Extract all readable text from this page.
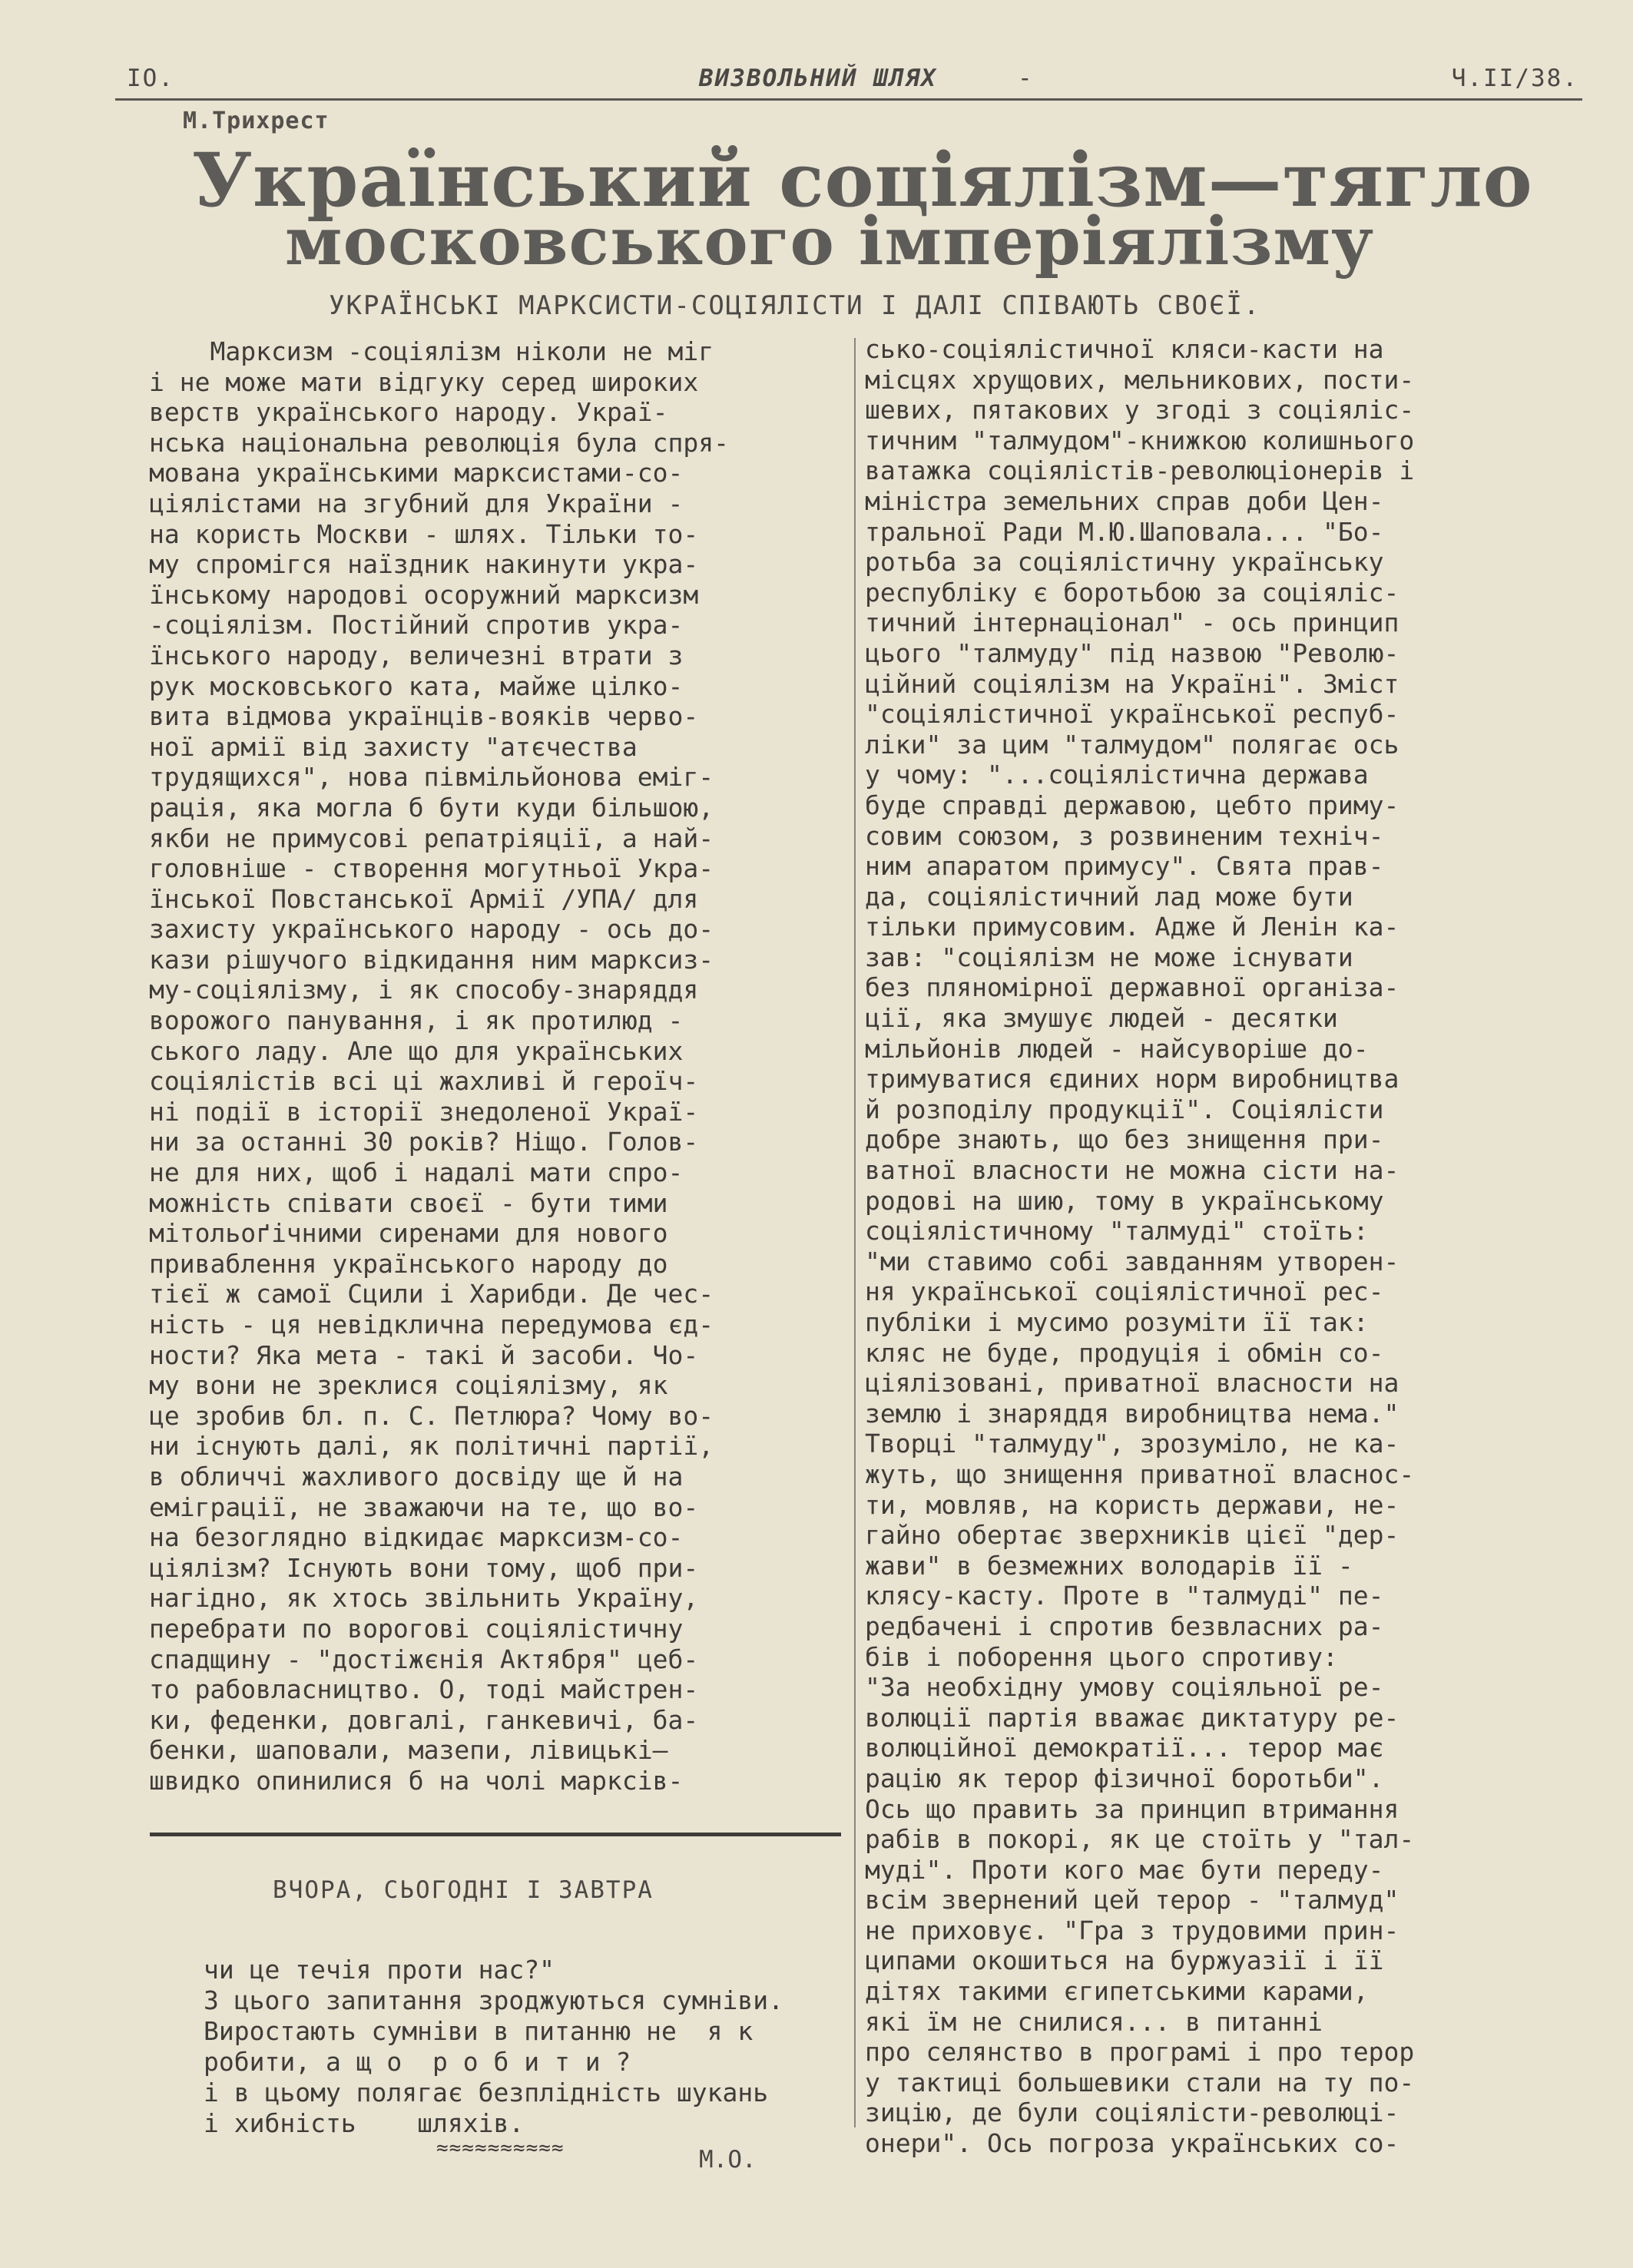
IO.	ВИЗВОЛЬНИЙ ШЛЯХ	-	Ч.II/38.
М.Трихрест
Український соціялізм—тягло
московського імперіялізму
УКРАЇНСЬКІ МАРКСИСТИ-СОЦІЯЛІСТИ І ДАЛІ СПІВАЮТЬ СВОЄЇ.
Марксизм -соціялізм ніколи не міг
і не може мати відгуку серед широких
верств українського народу. Украї-
нська національна революція була спря-
мована українськими марксистами-со-
ціялістами на згубний для України -
на користь Москви - шлях. Тільки то-
му спромігся наїздник накинути укра-
їнському народові осоружний марксизм
-соціялізм. Постійний спротив укра-
їнського народу, величезні втрати з
рук московського ката, майже цілко-
вита відмова українців-вояків черво-
ної армії від захисту "атєчества
трудящихся", нова півмільйонова еміг-
рація, яка могла б бути куди більшою,
якби не примусові репатріяції, а най-
головніше - створення могутньої Укра-
їнської Повстанської Армії /УПА/ для
захисту українського народу - ось до-
кази рішучого відкидання ним марксиз-
му-соціялізму, і як способу-знаряддя
ворожого панування, і як протилюд -
ського ладу. Але що для українських
соціялістів всі ці жахливі й героїч-
ні події в історії знедоленої Украї-
ни за останні 30 років? Ніщо. Голов-
не для них, щоб і надалі мати спро-
можність співати своєї - бути тими
мітольоґічними сиренами для нового
приваблення українського народу до
тієї ж самої Сцили і Харибди. Де чес-
ність - ця невідклична передумова єд-
ности? Яка мета - такі й засоби. Чо-
му вони не зреклися соціялізму, як
це зробив бл. п. С. Петлюра? Чому во-
ни існують далі, як політичні партії,
в обличчі жахливого досвіду ще й на
еміграції, не зважаючи на те, що во-
на безоглядно відкидає марксизм-со-
ціялізм? Існують вони тому, щоб при-
нагідно, як хтось звільнить Україну,
перебрати по ворогові соціялістичну
спадщину - "достіжєнія Актября" цеб-
то рабовласництво. О, тоді майстрен-
ки, феденки, довгалі, ганкевичі, ба-
бенки, шаповали, мазепи, лівицькі—
швидко опинилися б на чолі марксів-
сько-соціялістичної кляси-касти на
місцях хрущових, мельникових, пости-
шевих, пятакових у згоді з соціяліс-
тичним "талмудом"-книжкою колишнього
ватажка соціялістів-революціонерів і
міністра земельних справ доби Цен-
тральної Ради М.Ю.Шаповала... "Бо-
ротьба за соціялістичну українську
республіку є боротьбою за соціяліс-
тичний інтернаціонал" - ось принцип
цього "талмуду" під назвою "Револю-
ційний соціялізм на Україні". Зміст
"соціялістичної української респуб-
ліки" за цим "талмудом" полягає ось
у чому: "...соціялістична держава
буде справді державою, цебто приму-
совим союзом, з розвиненим техніч-
ним апаратом примусу". Свята прав-
да, соціялістичний лад може бути
тільки примусовим. Адже й Ленін ка-
зав: "соціялізм не може існувати
без пляномірної державної організа-
ції, яка змушує людей - десятки
мільйонів людей - найсуворіше до-
тримуватися єдиних норм виробництва
й розподілу продукції". Соціялісти
добре знають, що без знищення при-
ватної власности не можна сісти на-
родові на шию, тому в українському
соціялістичному "талмуді" стоїть:
"ми ставимо собі завданням утворен-
ня української соціялістичної рес-
публіки і мусимо розуміти її так:
кляс не буде, продуція і обмін со-
ціялізовані, приватної власности на
землю і знаряддя виробництва нема."
Творці "талмуду", зрозуміло, не ка-
жуть, що знищення приватної власнос-
ти, мовляв, на користь держави, не-
гайно обертає зверхників цієї "дер-
жави" в безмежних володарів її -
клясу-касту. Проте в "талмуді" пе-
редбачені і спротив безвласних ра-
бів і поборення цього спротиву:
"За необхідну умову соціяльної ре-
волюції партія вважає диктатуру ре-
волюційної демократії... терор має
рацію як терор фізичної боротьби".
Ось що править за принцип втримання
рабів в покорі, як це стоїть у "тал-
муді". Проти кого має бути переду-
всім звернений цей терор - "талмуд"
не приховує. "Гра з трудовими прин-
ципами окошиться на буржуазії і її
дітях такими єгипетськими карами,
які їм не снилися... в питанні
про селянство в програмі і про терор
у тактиці большевики стали на ту по-
зицію, де були соціялісти-революці-
онери". Ось погроза українських со-
ВЧОРА, СЬОГОДНІ І ЗАВТРА
чи це течія проти нас?"
З цього запитання зроджуються сумніви.
Виростають сумніви в питанню не  я к
робити, а щ о  р о б и т и ?
і в цьому полягає безплідність шукань
і хибність    шляхів.
≈≈≈≈≈≈≈≈≈≈	М.О.
